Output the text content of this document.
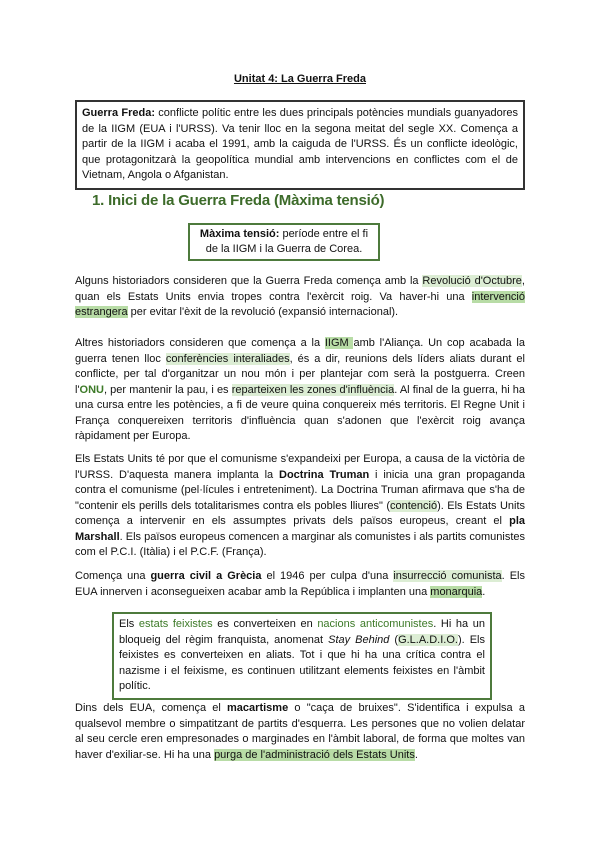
Unitat 4: La Guerra Freda
Guerra Freda: conflicte polític entre les dues principals potències mundials guanyadores de la IIGM (EUA i l'URSS). Va tenir lloc en la segona meitat del segle XX. Comença a partir de la IIGM i acaba el 1991, amb la caiguda de l'URSS. És un conflicte ideològic, que protagonitzarà la geopolítica mundial amb intervencions en conflictes com el de Vietnam, Angola o Afganistan.
1. Inici de la Guerra Freda (Màxima tensió)
Màxima tensió: període entre el fi de la IIGM i la Guerra de Corea.
Alguns historiadors consideren que la Guerra Freda comença amb la Revolució d'Octubre, quan els Estats Units envia tropes contra l'exèrcit roig. Va haver-hi una intervenció estrangera per evitar l'èxit de la revolució (expansió internacional).
Altres historiadors consideren que comença a la IIGM amb l'Aliança. Un cop acabada la guerra tenen lloc conferències interaliades, és a dir, reunions dels líders aliats durant el conflicte, per tal d'organitzar un nou món i per plantejar com serà la postguerra. Creen l'ONU, per mantenir la pau, i es reparteixen les zones d'influència. Al final de la guerra, hi ha una cursa entre les potències, a fi de veure quina conquereix més territoris. El Regne Unit i França conquereixen territoris d'influència quan s'adonen que l'exèrcit roig avança ràpidament per Europa.
Els Estats Units té por que el comunisme s'expandeixi per Europa, a causa de la victòria de l'URSS. D'aquesta manera implanta la Doctrina Truman i inicia una gran propaganda contra el comunisme (pel·lícules i entreteniment). La Doctrina Truman afirmava que s'ha de "contenir els perills dels totalitarismes contra els pobles lliures" (contenció). Els Estats Units comença a intervenir en els assumptes privats dels països europeus, creant el pla Marshall. Els països europeus comencen a marginar als comunistes i als partits comunistes com el P.C.I. (Itàlia) i el P.C.F. (França).
Comença una guerra civil a Grècia el 1946 per culpa d'una insurrecció comunista. Els EUA innerven i aconsegueixen acabar amb la República i implanten una monarquia.
Els estats feixistes es converteixen en nacions anticomunistes. Hi ha un bloqueig del règim franquista, anomenat Stay Behind (G.L.A.D.I.O.). Els feixistes es converteixen en aliats. Tot i que hi ha una crítica contra el nazisme i el feixisme, es continuen utilitzant elements feixistes en l'àmbit polític.
Dins dels EUA, comença el macartisme o "caça de bruixes". S'identifica i expulsa a qualsevol membre o simpatitzant de partits d'esquerra. Les persones que no volien delatar al seu cercle eren empresonades o marginades en l'àmbit laboral, de forma que moltes van haver d'exiliar-se. Hi ha una purga de l'administració dels Estats Units.
